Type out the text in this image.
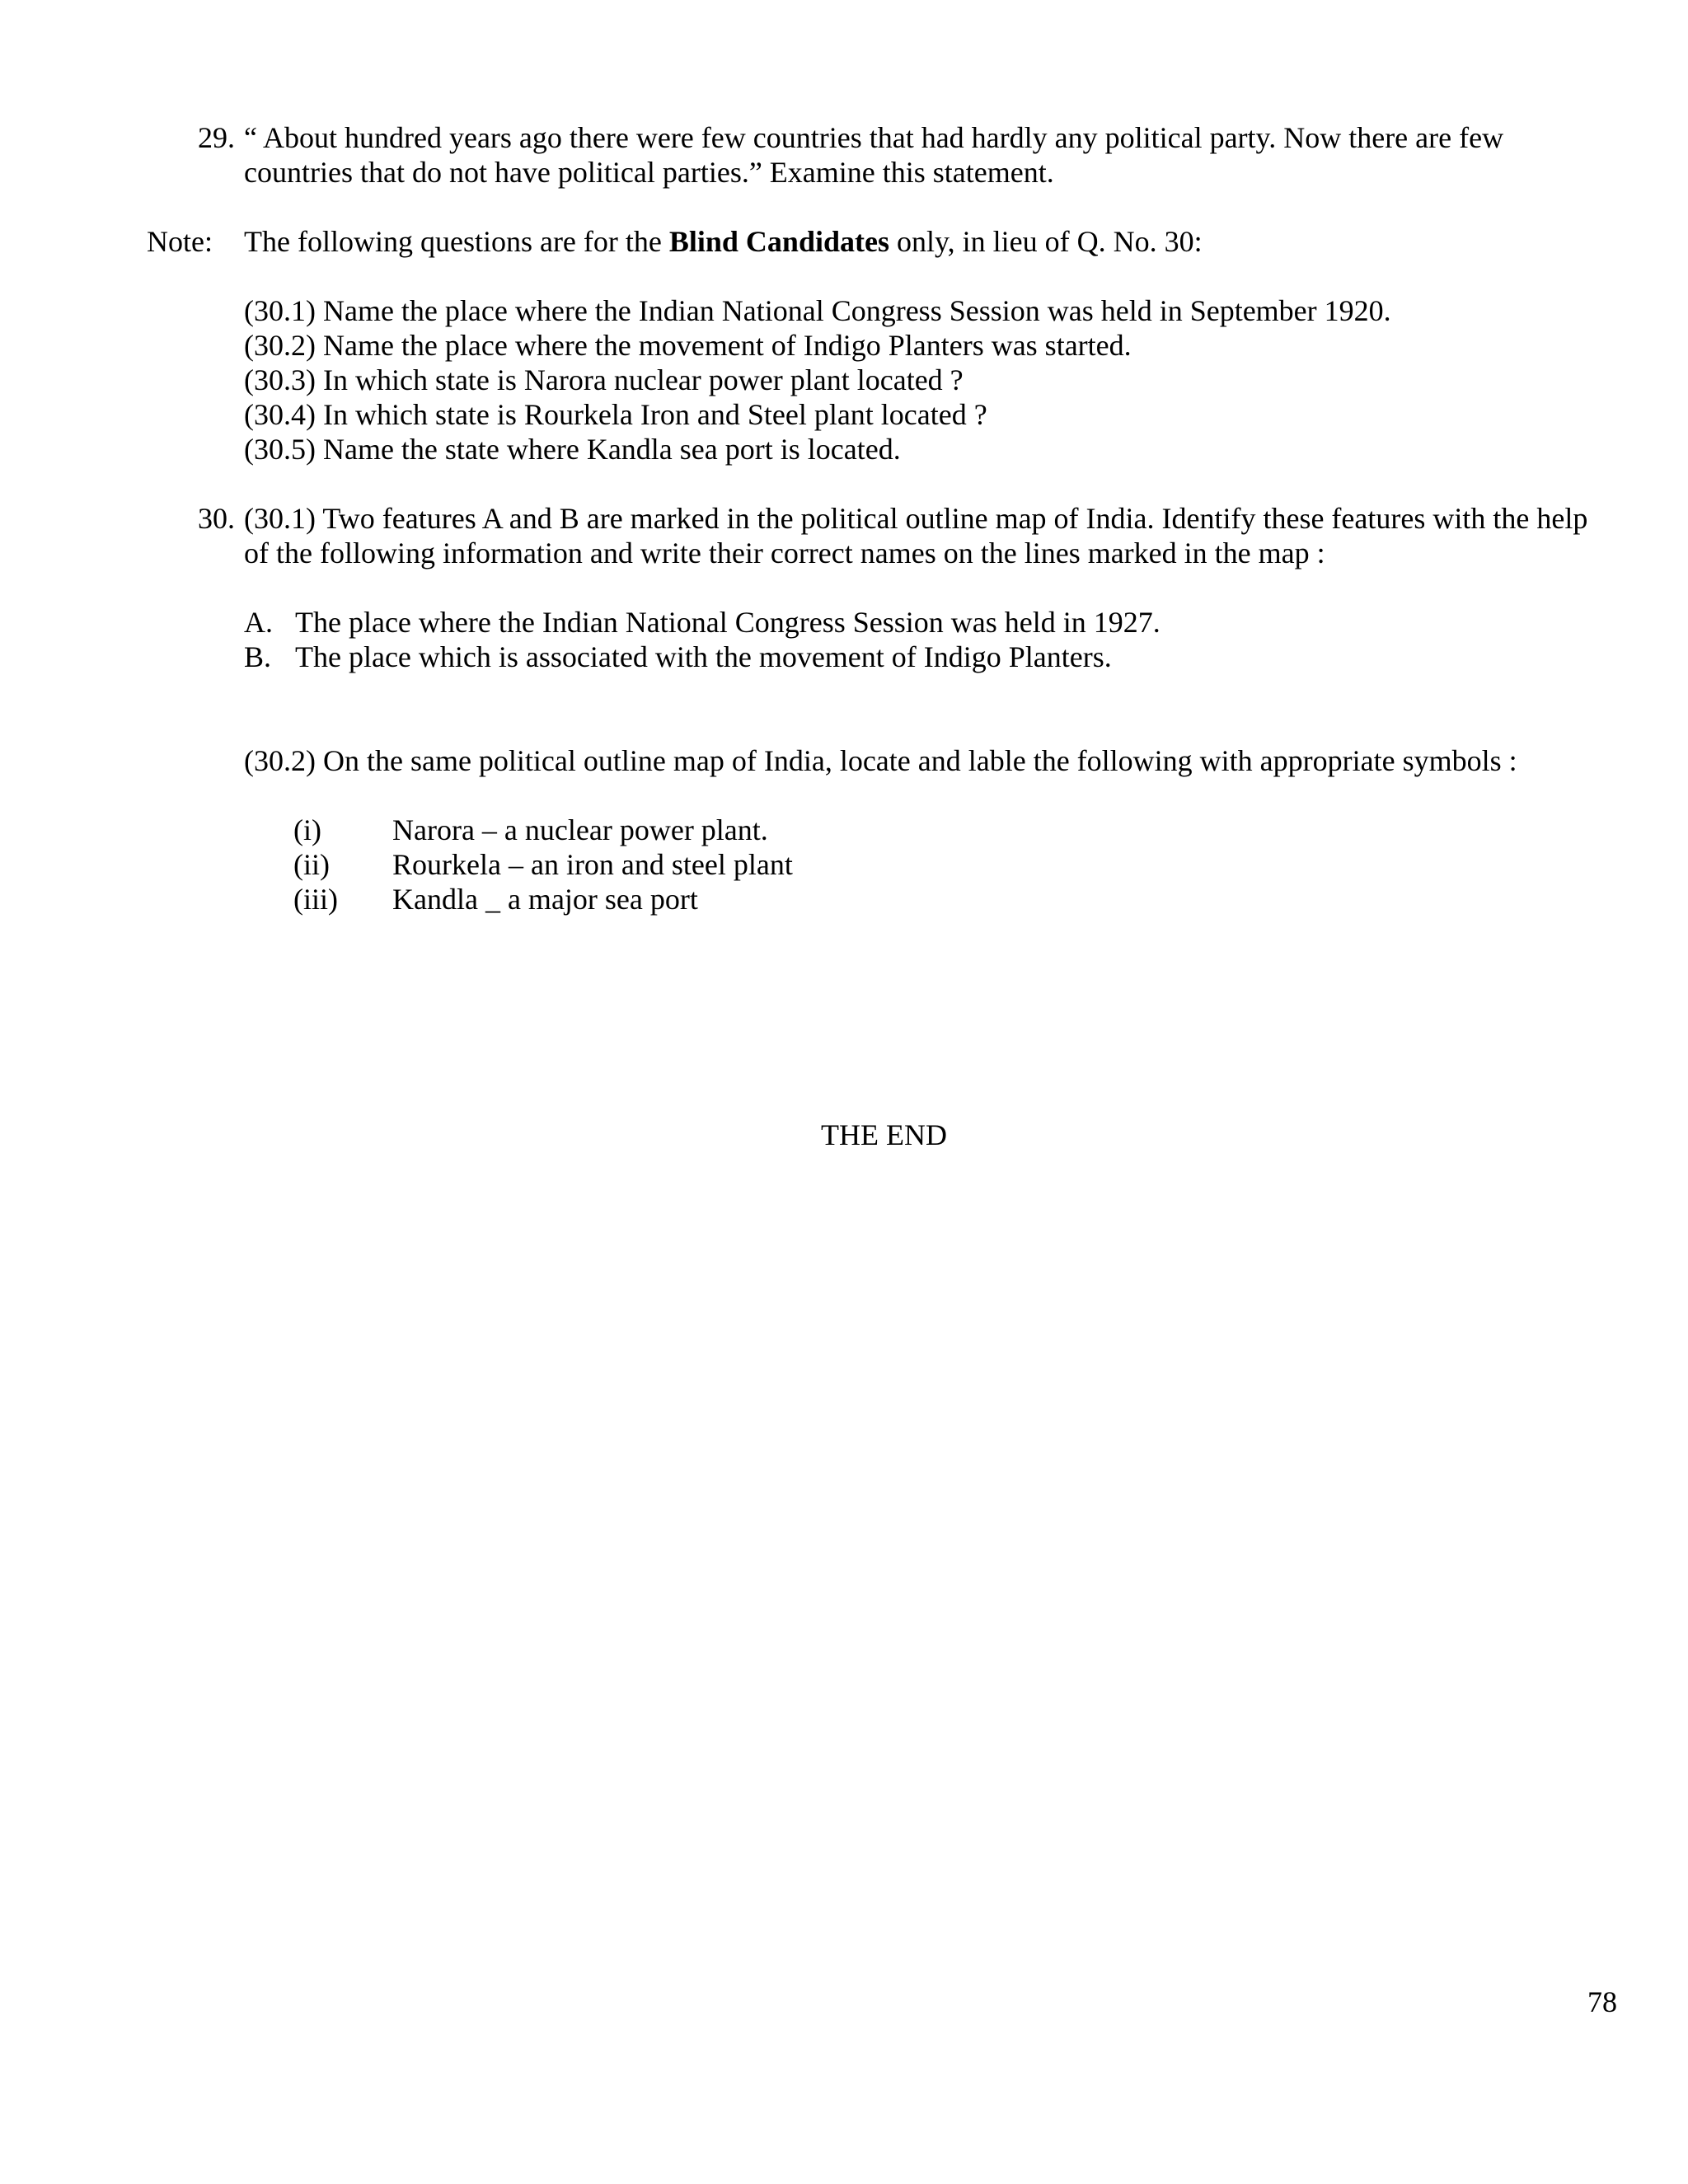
29. “ About hundred years ago there were few countries that had hardly any political party. Now there are few
countries that do not have political parties.” Examine this statement.
Note: The following questions are for the Blind Candidates only, in lieu of Q. No. 30:
(30.1) Name the place where the Indian National Congress Session was held in September 1920.
(30.2) Name the place where the movement of Indigo Planters was started.
(30.3) In which state is Narora nuclear power plant located ?
(30.4) In which state is Rourkela Iron and Steel plant located ?
(30.5) Name the state where Kandla sea port is located.
30. (30.1) Two features A and B are marked in the political outline map of India. Identify these features with the help
of the following information and write their correct names on the lines marked in the map :
A. The place where the Indian National Congress Session was held in 1927.
B. The place which is associated with the movement of Indigo Planters.
(30.2) On the same political outline map of India, locate and lable the following with appropriate symbols :
(i) Narora – a nuclear power plant.
(ii) Rourkela – an iron and steel plant
(iii) Kandla _ a major sea port
THE END
78
